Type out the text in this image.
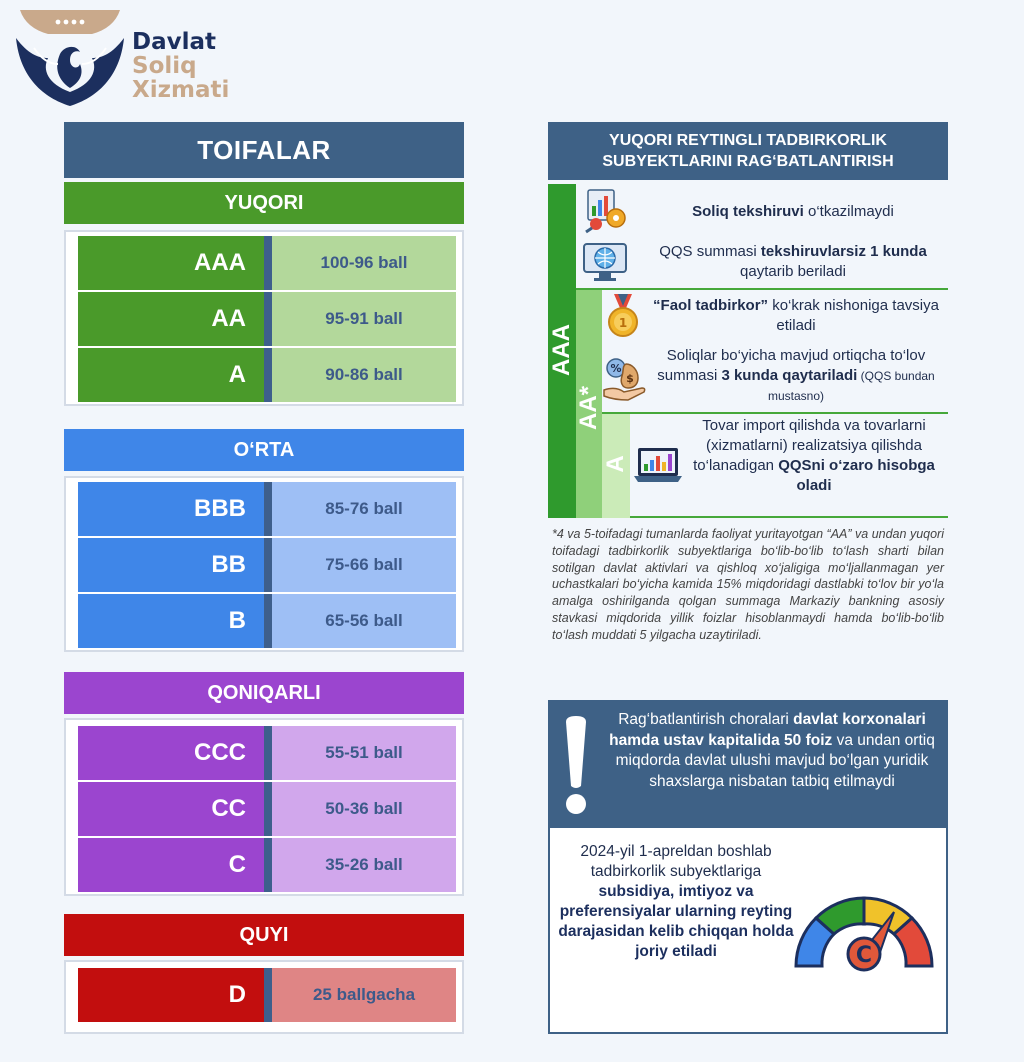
Davlat
Soliq
Xizmati
TOIFALAR
YUQORI
AAA	100-96 ball
AA	95-91 ball
A	90-86 ball
O‘RTA
BBB	85-76 ball
BB	75-66 ball
B	65-56 ball
QONIQARLI
CCC	55-51 ball
CC	50-36 ball
C	35-26 ball
QUYI
D	25 ballgacha
YUQORI REYTINGLI TADBIRKORLIK
SUBYEKTLARINI RAG‘BATLANTIRISH
AAA
AA*
A
1
%
$
Soliq tekshiruvi o‘tkazilmaydi
QQS summasi tekshiruvlarsiz 1 kunda qaytarib beriladi
“Faol tadbirkor” ko‘krak nishoniga tavsiya etiladi
Soliqlar bo‘yicha mavjud ortiqcha to‘lov summasi 3 kunda qaytariladi (QQS bundan mustasno)
Tovar import qilishda va tovarlarni (xizmatlarni) realizatsiya qilishda to‘lanadigan QQSni o‘zaro hisobga oladi
*4 va 5-toifadagi tumanlarda faoliyat yuritayotgan “AA” va undan yuqori toifadagi tadbirkorlik subyektlariga bo‘lib-bo‘lib to‘lash sharti bilan sotilgan davlat aktivlari va qishloq xo‘jaligiga mo‘ljallanmagan yer uchastkalari bo‘yicha kamida 15% miqdoridagi dastlabki to‘lov bir yo‘la amalga oshirilganda qolgan summaga Markaziy bankning asosiy stavkasi miqdorida yillik foizlar hisoblanmaydi hamda bo‘lib-bo‘lib to‘lash muddati 5 yilgacha uzaytiriladi.
Rag‘batlantirish choralari davlat korxonalari hamda ustav kapitalida 50 foiz va undan ortiq miqdorda davlat ulushi mavjud bo‘lgan yuridik shaxslarga nisbatan tatbiq etilmaydi
2024-yil 1-apreldan boshlab tadbirkorlik subyektlariga subsidiya, imtiyoz va preferensiyalar ularning reyting darajasidan kelib chiqqan holda joriy etiladi	C
